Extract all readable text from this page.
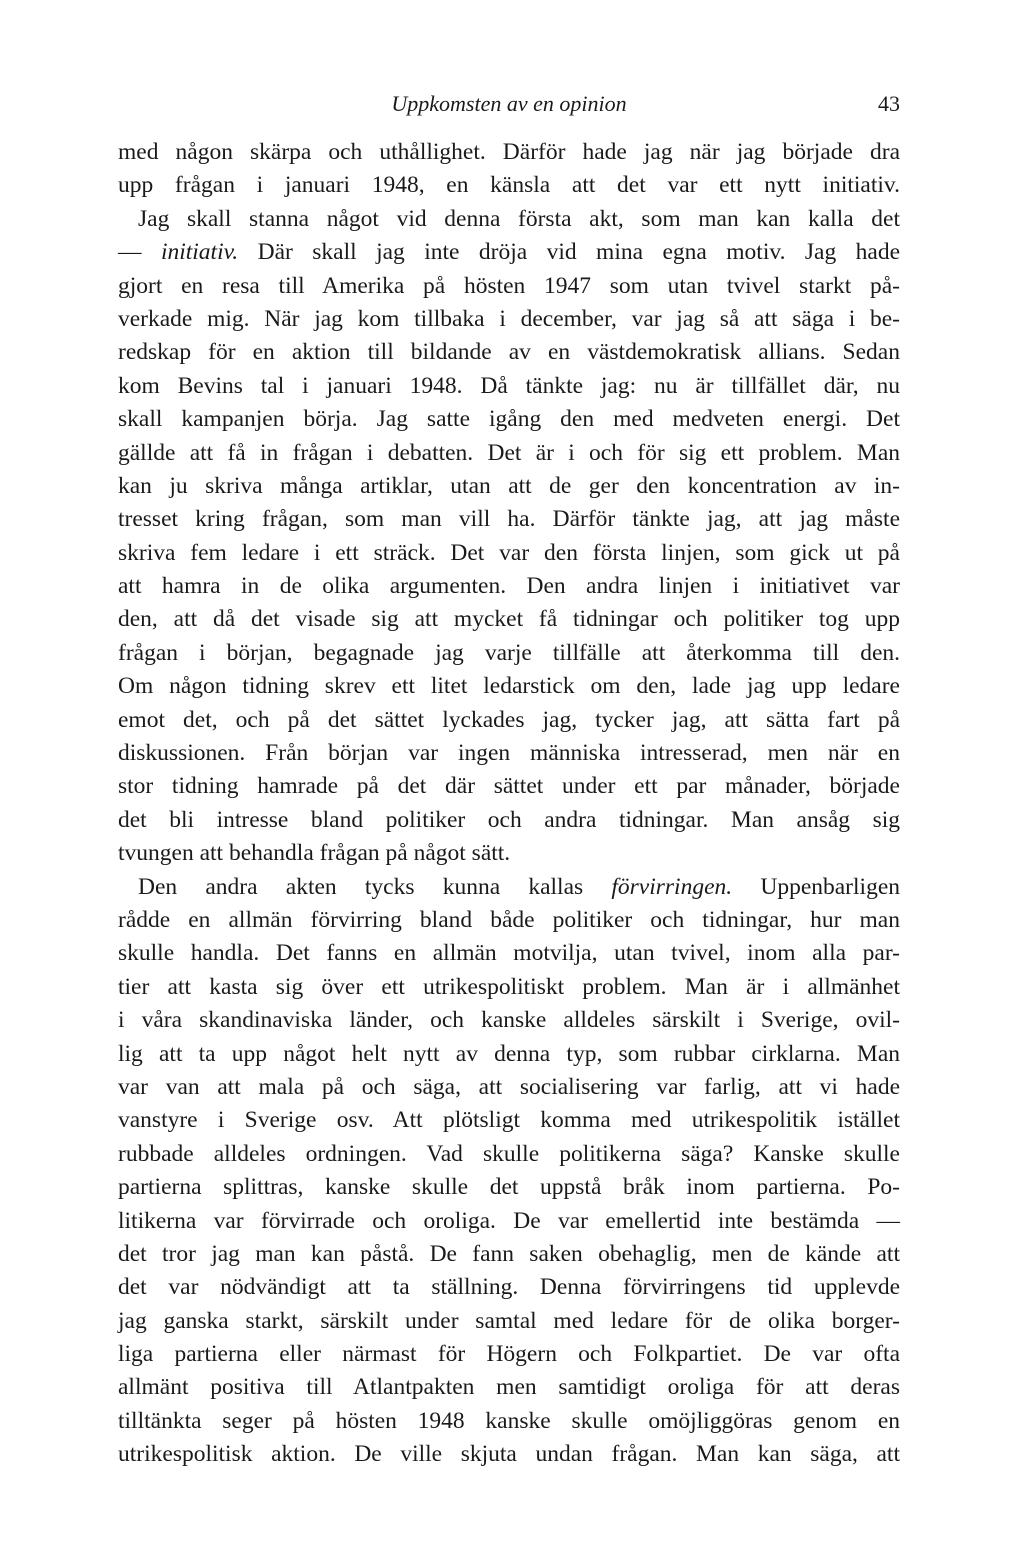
Uppkomsten av en opinion	43
med någon skärpa och uthållighet. Därför hade jag när jag började dra
upp frågan i januari 1948, en känsla att det var ett nytt initiativ.
Jag skall stanna något vid denna första akt, som man kan kalla det
— initiativ. Där skall jag inte dröja vid mina egna motiv. Jag hade
gjort en resa till Amerika på hösten 1947 som utan tvivel starkt på-
verkade mig. När jag kom tillbaka i december, var jag så att säga i be-
redskap för en aktion till bildande av en västdemokratisk allians. Sedan
kom Bevins tal i januari 1948. Då tänkte jag: nu är tillfället där, nu
skall kampanjen börja. Jag satte igång den med medveten energi. Det
gällde att få in frågan i debatten. Det är i och för sig ett problem. Man
kan ju skriva många artiklar, utan att de ger den koncentration av in-
tresset kring frågan, som man vill ha. Därför tänkte jag, att jag måste
skriva fem ledare i ett sträck. Det var den första linjen, som gick ut på
att hamra in de olika argumenten. Den andra linjen i initiativet var
den, att då det visade sig att mycket få tidningar och politiker tog upp
frågan i början, begagnade jag varje tillfälle att återkomma till den.
Om någon tidning skrev ett litet ledarstick om den, lade jag upp ledare
emot det, och på det sättet lyckades jag, tycker jag, att sätta fart på
diskussionen. Från början var ingen människa intresserad, men när en
stor tidning hamrade på det där sättet under ett par månader, började
det bli intresse bland politiker och andra tidningar. Man ansåg sig
tvungen att behandla frågan på något sätt.
Den andra akten tycks kunna kallas förvirringen. Uppenbarligen
rådde en allmän förvirring bland både politiker och tidningar, hur man
skulle handla. Det fanns en allmän motvilja, utan tvivel, inom alla par-
tier att kasta sig över ett utrikespolitiskt problem. Man är i allmänhet
i våra skandinaviska länder, och kanske alldeles särskilt i Sverige, ovil-
lig att ta upp något helt nytt av denna typ, som rubbar cirklarna. Man
var van att mala på och säga, att socialisering var farlig, att vi hade
vanstyre i Sverige osv. Att plötsligt komma med utrikespolitik istället
rubbade alldeles ordningen. Vad skulle politikerna säga? Kanske skulle
partierna splittras, kanske skulle det uppstå bråk inom partierna. Po-
litikerna var förvirrade och oroliga. De var emellertid inte bestämda —
det tror jag man kan påstå. De fann saken obehaglig, men de kände att
det var nödvändigt att ta ställning. Denna förvirringens tid upplevde
jag ganska starkt, särskilt under samtal med ledare för de olika borger-
liga partierna eller närmast för Högern och Folkpartiet. De var ofta
allmänt positiva till Atlantpakten men samtidigt oroliga för att deras
tilltänkta seger på hösten 1948 kanske skulle omöjliggöras genom en
utrikespolitisk aktion. De ville skjuta undan frågan. Man kan säga, att
